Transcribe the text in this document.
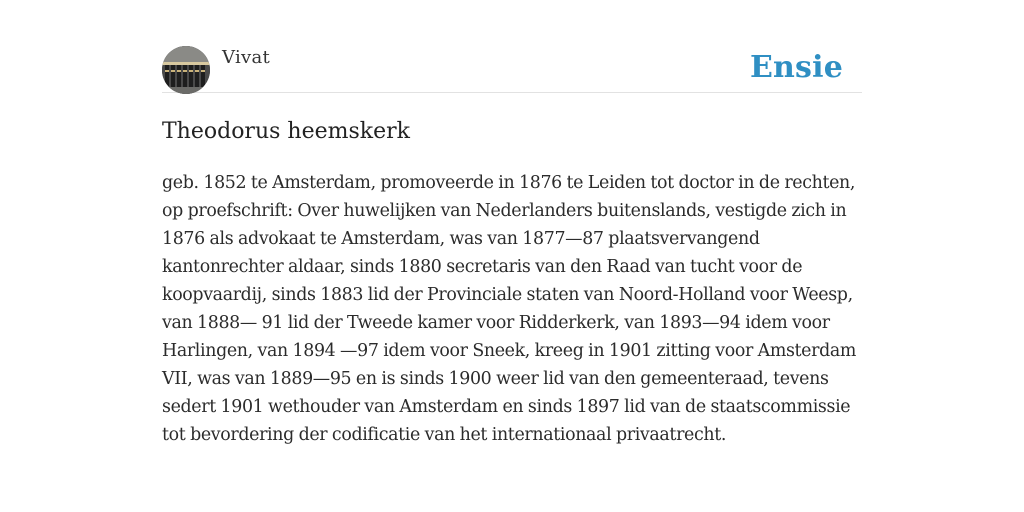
Vivat	Ensie
Theodorus heemskerk

geb. 1852 te Amsterdam, promoveerde in 1876 te Leiden tot doctor in de rechten, op proefschrift: Over huwelijken van Nederlanders buitenslands, vestigde zich in 1876 als advokaat te Amsterdam, was van 1877—87 plaatsvervangend kantonrechter aldaar, sinds 1880 secretaris van den Raad van tucht voor de koopvaardij, sinds 1883 lid der Provinciale staten van Noord-Holland voor Weesp, van 1888— 91 lid der Tweede kamer voor Ridderkerk, van 1893—94 idem voor Harlingen, van 1894 —97 idem voor Sneek, kreeg in 1901 zitting voor Amsterdam VII, was van 1889—95 en is sinds 1900 weer lid van den gemeenteraad, tevens sedert 1901 wethouder van Amsterdam en sinds 1897 lid van de staatscommissie tot bevordering der codificatie van het internationaal privaatrecht.
